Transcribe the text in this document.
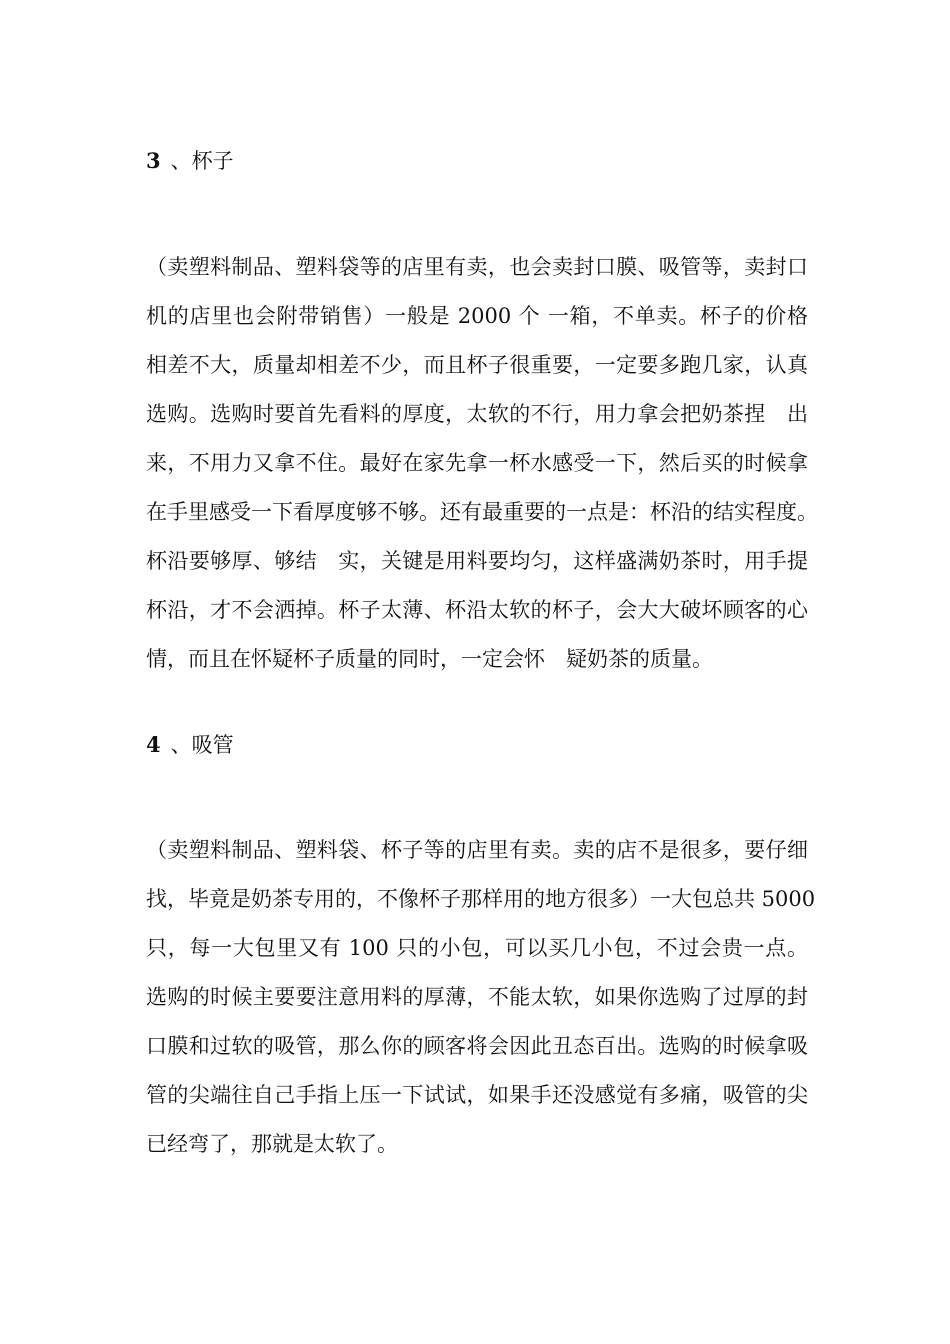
3 、杯子
（卖塑料制品、塑料袋等的店里有卖，也会卖封口膜、吸管等，卖封口
机的店里也会附带销售）一般是 2000 个 一箱，不单卖。杯子的价格
相差不大，质量却相差不少，而且杯子很重要，一定要多跑几家，认真
选购。选购时要首先看料的厚度，太软的不行，用力拿会把奶茶捏　出
来，不用力又拿不住。最好在家先拿一杯水感受一下，然后买的时候拿
在手里感受一下看厚度够不够。还有最重要的一点是：杯沿的结实程度。
杯沿要够厚、够结　实，关键是用料要均匀，这样盛满奶茶时，用手提
杯沿，才不会洒掉。杯子太薄、杯沿太软的杯子，会大大破坏顾客的心
情，而且在怀疑杯子质量的同时，一定会怀　疑奶茶的质量。
4 、吸管
（卖塑料制品、塑料袋、杯子等的店里有卖。卖的店不是很多，要仔细
找，毕竟是奶茶专用的，不像杯子那样用的地方很多）一大包总共 5000
只，每一大包里又有 100 只的小包，可以买几小包，不过会贵一点。
选购的时候主要要注意用料的厚薄，不能太软，如果你选购了过厚的封
口膜和过软的吸管，那么你的顾客将会因此丑态百出。选购的时候拿吸
管的尖端往自己手指上压一下试试，如果手还没感觉有多痛，吸管的尖
已经弯了，那就是太软了。
